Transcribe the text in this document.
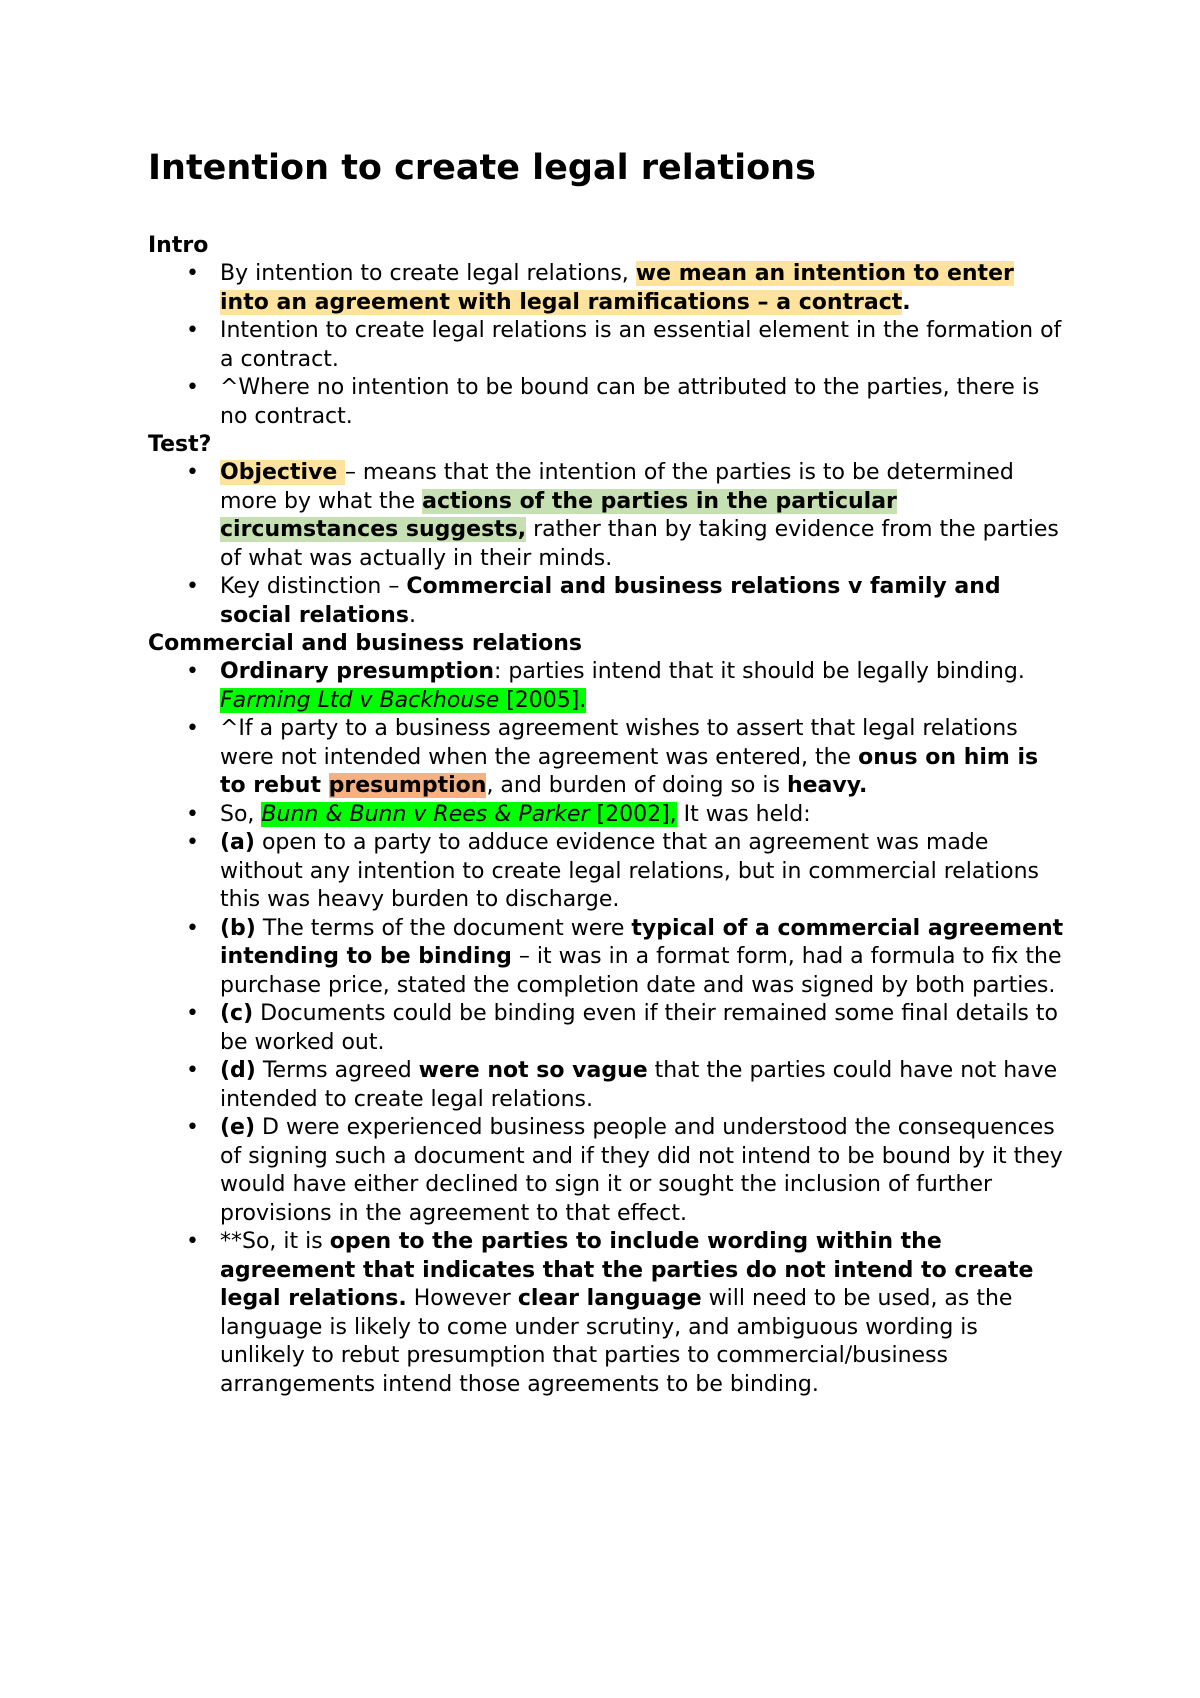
Intention to create legal relations

Intro

• By intention to create legal relations, we mean an intention to enter into an agreement with legal ramifications – a contract.
• Intention to create legal relations is an essential element in the formation of a contract.
• ^Where no intention to be bound can be attributed to the parties, there is no contract.

Test?

• Objective – means that the intention of the parties is to be determined more by what the actions of the parties in the particular circumstances suggests, rather than by taking evidence from the parties of what was actually in their minds.
• Key distinction – Commercial and business relations v family and social relations.

Commercial and business relations

• Ordinary presumption: parties intend that it should be legally binding. Farming Ltd v Backhouse [2005].
• ^If a party to a business agreement wishes to assert that legal relations were not intended when the agreement was entered, the onus on him is to rebut presumption, and burden of doing so is heavy.
• So, Bunn & Bunn v Rees & Parker [2002], It was held:
• (a) open to a party to adduce evidence that an agreement was made without any intention to create legal relations, but in commercial relations this was heavy burden to discharge.
• (b) The terms of the document were typical of a commercial agreement intending to be binding – it was in a format form, had a formula to fix the purchase price, stated the completion date and was signed by both parties.
• (c) Documents could be binding even if their remained some final details to be worked out.
• (d) Terms agreed were not so vague that the parties could have not have intended to create legal relations.
• (e) D were experienced business people and understood the consequences of signing such a document and if they did not intend to be bound by it they would have either declined to sign it or sought the inclusion of further provisions in the agreement to that effect.
• **So, it is open to the parties to include wording within the agreement that indicates that the parties do not intend to create legal relations. However clear language will need to be used, as the language is likely to come under scrutiny, and ambiguous wording is unlikely to rebut presumption that parties to commercial/business arrangements intend those agreements to be binding.
